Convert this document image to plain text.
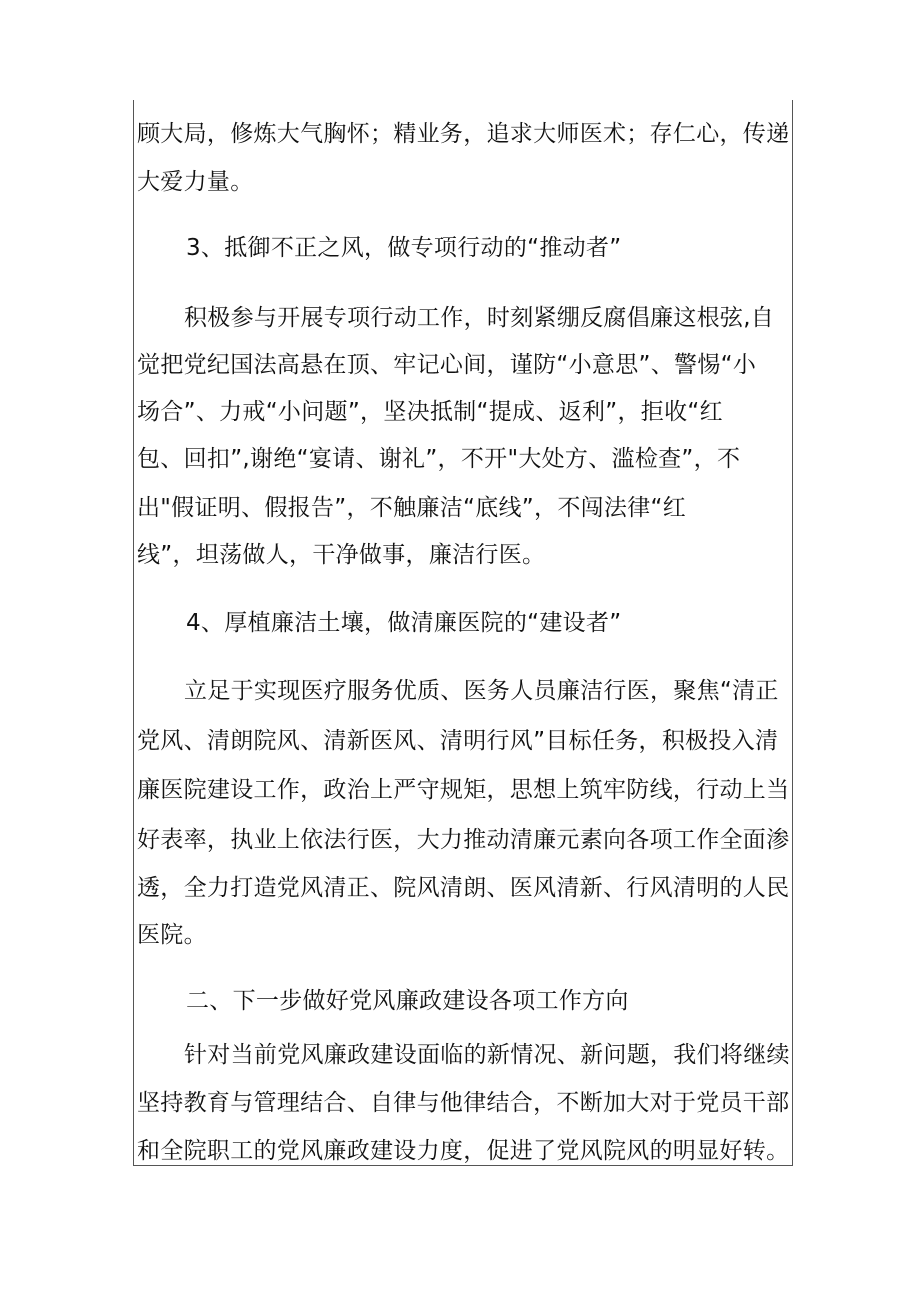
顾大局，修炼大气胸怀；精业务，追求大师医术；存仁心，传递
大爱力量。
3、抵御不正之风，做专项行动的“推动者”
积极参与开展专项行动工作，时刻紧绷反腐倡廉这根弦,自
觉把党纪国法高悬在顶、牢记心间，谨防“小意思”、警惕“小
场合”、力戒“小问题”，坚决抵制“提成、返利”，拒收“红
包、回扣”,谢绝“宴请、谢礼”，不开"大处方、滥检查”，不
出"假证明、假报告”，不触廉洁“底线”，不闯法律“红
线”，坦荡做人，干净做事，廉洁行医。
4、厚植廉洁土壤，做清廉医院的“建设者”
立足于实现医疗服务优质、医务人员廉洁行医，聚焦“清正
党风、清朗院风、清新医风、清明行风”目标任务，积极投入清
廉医院建设工作，政治上严守规矩，思想上筑牢防线，行动上当
好表率，执业上依法行医，大力推动清廉元素向各项工作全面渗
透，全力打造党风清正、院风清朗、医风清新、行风清明的人民
医院。
二、下一步做好党风廉政建设各项工作方向
针对当前党风廉政建设面临的新情况、新问题，我们将继续
坚持教育与管理结合、自律与他律结合，不断加大对于党员干部
和全院职工的党风廉政建设力度，促进了党风院风的明显好转。
